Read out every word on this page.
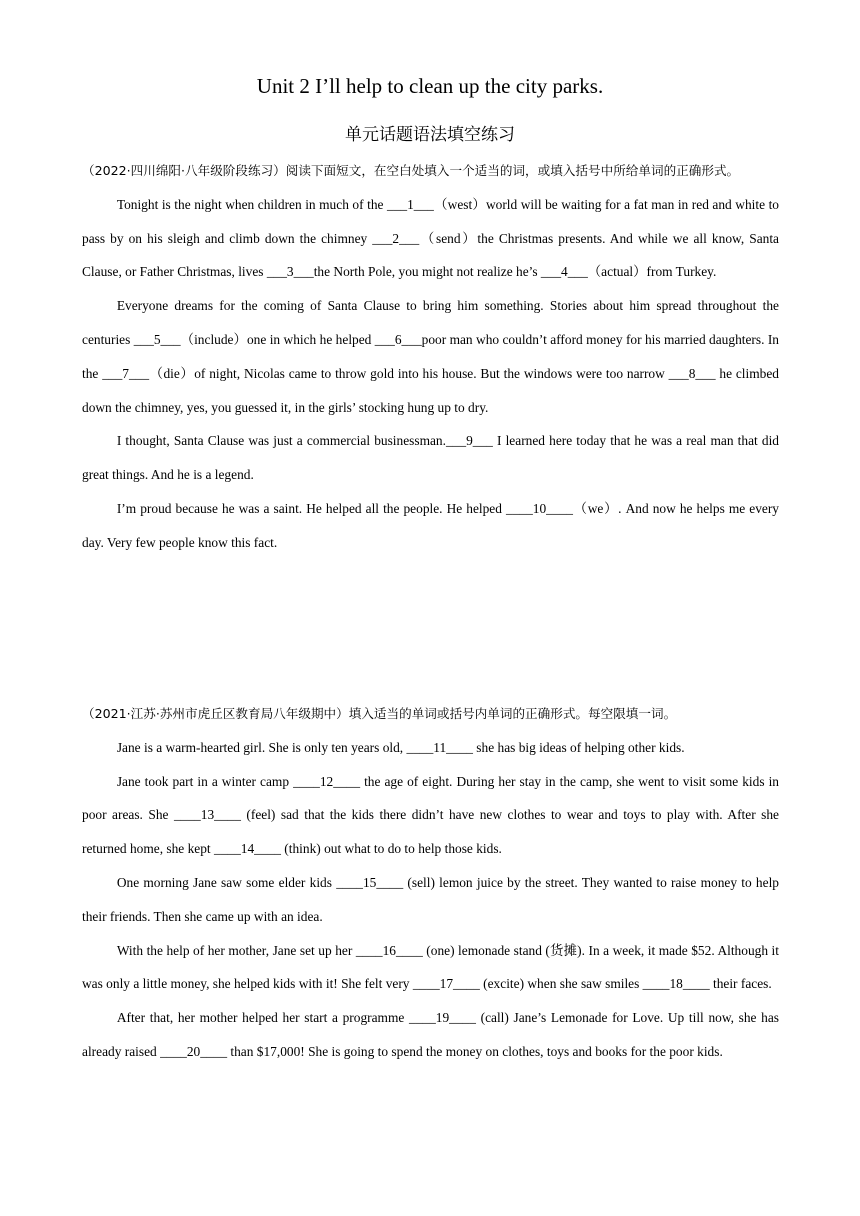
Unit 2 I’ll help to clean up the city parks.
单元话题语法填空练习

（2022·四川绵阳·八年级阶段练习）阅读下面短文，在空白处填入一个适当的词，或填入括号中所给单词的正确形式。

Tonight is the night when children in much of the ___1___（west）world will be waiting for a fat man in red and white to pass by on his sleigh and climb down the chimney ___2___（send）the Christmas presents. And while we all know, Santa Clause, or Father Christmas, lives ___3___the North Pole, you might not realize he’s ___4___（actual）from Turkey.

Everyone dreams for the coming of Santa Clause to bring him something. Stories about him spread throughout the centuries ___5___（include）one in which he helped ___6___poor man who couldn’t afford money for his married daughters. In the ___7___（die）of night, Nicolas came to throw gold into his house. But the windows were too narrow ___8___ he climbed down the chimney, yes, you guessed it, in the girls’ stocking hung up to dry.

I thought, Santa Clause was just a commercial businessman.___9___ I learned here today that he was a real man that did great things. And he is a legend.

I’m proud because he was a saint. He helped all the people. He helped ____10____（we）. And now he helps me every day. Very few people know this fact.

（2021·江苏·苏州市虎丘区教育局八年级期中）填入适当的单词或括号内单词的正确形式。每空限填一词。

Jane is a warm-hearted girl. She is only ten years old, ____11____ she has big ideas of helping other kids.

Jane took part in a winter camp ____12____ the age of eight. During her stay in the camp, she went to visit some kids in poor areas. She ____13____ (feel) sad that the kids there didn’t have new clothes to wear and toys to play with. After she returned home, she kept ____14____ (think) out what to do to help those kids.

One morning Jane saw some elder kids ____15____ (sell) lemon juice by the street. They wanted to raise money to help their friends. Then she came up with an idea.

With the help of her mother, Jane set up her ____16____ (one) lemonade stand (货摊). In a week, it made $52. Although it was only a little money, she helped kids with it! She felt very ____17____ (excite) when she saw smiles ____18____ their faces.

After that, her mother helped her start a programme ____19____ (call) Jane’s Lemonade for Love. Up till now, she has already raised ____20____ than $17,000! She is going to spend the money on clothes, toys and books for the poor kids.
